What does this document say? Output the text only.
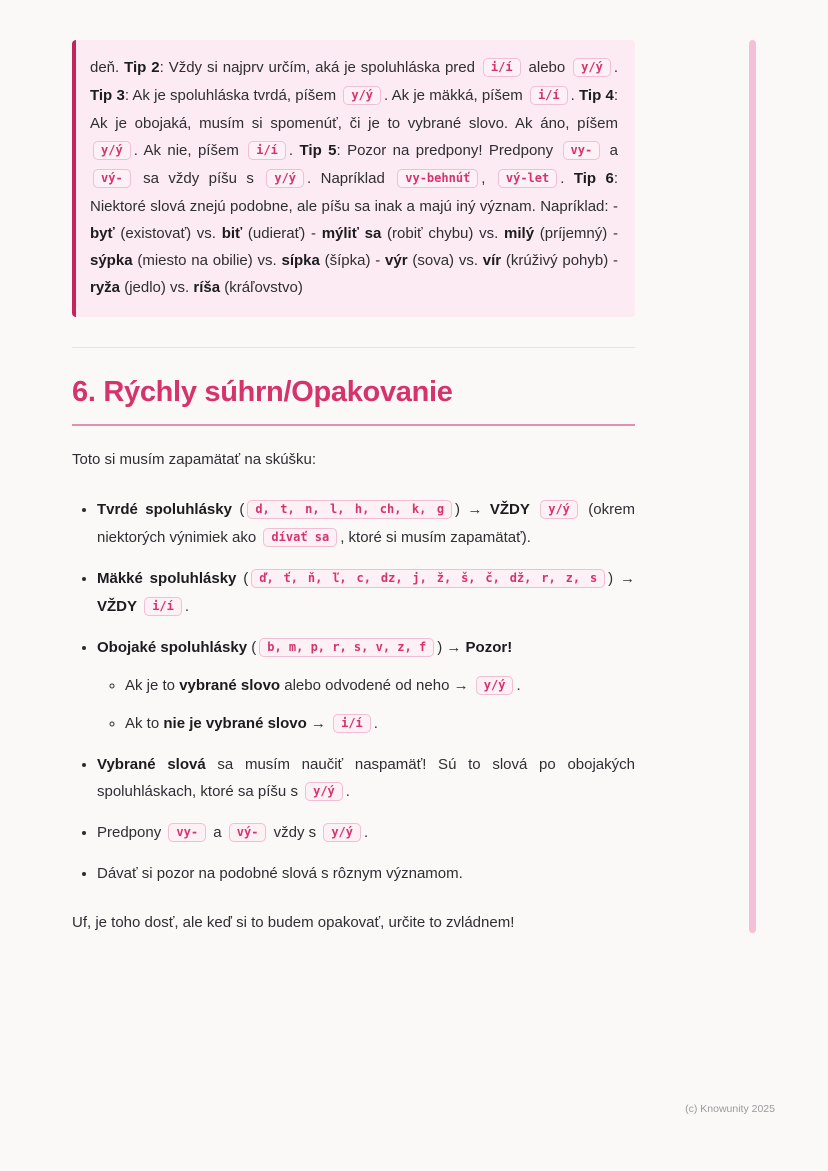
deň. Tip 2: Vždy si najprv určím, aká je spoluhláska pred i/í alebo y/ý . Tip 3: Ak je spoluhláska tvrdá, píšem y/ý . Ak je mäkká, píšem i/í . Tip 4: Ak je obojaká, musím si spomenúť, či je to vybrané slovo. Ak áno, píšem y/ý . Ak nie, píšem i/í . Tip 5: Pozor na predpony! Predpony vy- a vý- sa vždy píšu s y/ý . Napríklad vy-behnúť , vý-let . Tip 6: Niektoré slová znejú podobne, ale píšu sa inak a majú iný význam. Napríklad: - byť (existovať) vs. biť (udierať) - mýliť sa (robiť chybu) vs. milý (príjemný) - sýpka (miesto na obilie) vs. sípka (šípka) - výr (sova) vs. vír (krúživý pohyb) - ryža (jedlo) vs. ríša (kráľovstvo)

6. Rýchly súhrn/Opakovanie

Toto si musím zapamätať na skúšku:

• Tvrdé spoluhlásky ( d, t, n, l, h, ch, k, g ) → VŽDY y/ý (okrem niektorých výnimiek ako dívať sa , ktoré si musím zapamätať).

• Mäkké spoluhlásky ( ď, ť, ň, ľ, c, dz, j, ž, š, č, dž, r, z, s ) → VŽDY i/í .

• Obojaké spoluhlásky ( b, m, p, r, s, v, z, f ) → Pozor!

◦ Ak je to vybrané slovo alebo odvodené od neho → y/ý .

◦ Ak to nie je vybrané slovo → i/í .

• Vybrané slová sa musím naučiť naspamäť! Sú to slová po obojakých spoluhláskach, ktoré sa píšu s y/ý .

• Predpony vy- a vý- vždy s y/ý .

• Dávať si pozor na podobné slová s rôznym významom.

Uf, je toho dosť, ale keď si to budem opakovať, určite to zvládnem!

(c) Knowunity 2025
